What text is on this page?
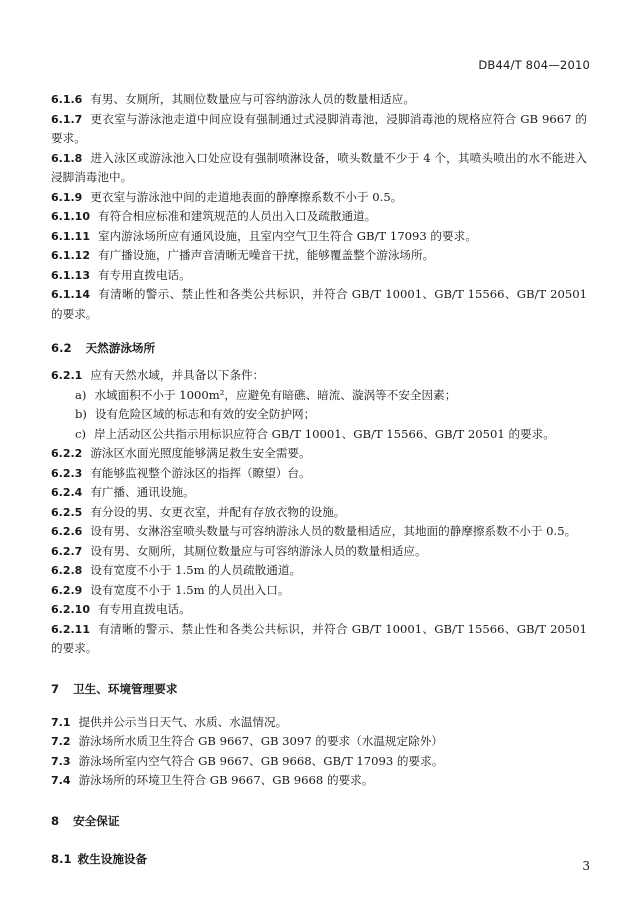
DB44/T 804—2010

6.1.6 有男、女厕所，其厕位数量应与可容纳游泳人员的数量相适应。

6.1.7 更衣室与游泳池走道中间应设有强制通过式浸脚消毒池，浸脚消毒池的规格应符合 GB 9667 的要求。

6.1.8 进入泳区或游泳池入口处应设有强制喷淋设备，喷头数量不少于 4 个，其喷头喷出的水不能进入浸脚消毒池中。

6.1.9 更衣室与游泳池中间的走道地表面的静摩擦系数不小于 0.5。

6.1.10 有符合相应标准和建筑规范的人员出入口及疏散通道。

6.1.11 室内游泳场所应有通风设施，且室内空气卫生符合 GB/T 17093 的要求。

6.1.12 有广播设施，广播声音清晰无噪音干扰，能够覆盖整个游泳场所。

6.1.13 有专用直拨电话。

6.1.14 有清晰的警示、禁止性和各类公共标识，并符合 GB/T 10001、GB/T 15566、GB/T 20501 的要求。

6.2 天然游泳场所

6.2.1 应有天然水域，并具备以下条件：

a) 水域面积不小于 1000m²，应避免有暗礁、暗流、漩涡等不安全因素；

b) 设有危险区域的标志和有效的安全防护网；

c) 岸上活动区公共指示用标识应符合 GB/T 10001、GB/T 15566、GB/T 20501 的要求。

6.2.2 游泳区水面光照度能够满足救生安全需要。

6.2.3 有能够监视整个游泳区的指挥（瞭望）台。

6.2.4 有广播、通讯设施。

6.2.5 有分设的男、女更衣室，并配有存放衣物的设施。

6.2.6 设有男、女淋浴室喷头数量与可容纳游泳人员的数量相适应，其地面的静摩擦系数不小于 0.5。

6.2.7 设有男、女厕所，其厕位数量应与可容纳游泳人员的数量相适应。

6.2.8 设有宽度不小于 1.5m 的人员疏散通道。

6.2.9 设有宽度不小于 1.5m 的人员出入口。

6.2.10 有专用直拨电话。

6.2.11 有清晰的警示、禁止性和各类公共标识，并符合 GB/T 10001、GB/T 15566、GB/T 20501 的要求。

7 卫生、环境管理要求

7.1 提供并公示当日天气、水质、水温情况。

7.2 游泳场所水质卫生符合 GB 9667、GB 3097 的要求（水温规定除外）

7.3 游泳场所室内空气符合 GB 9667、GB 9668、GB/T 17093 的要求。

7.4 游泳场所的环境卫生符合 GB 9667、GB 9668 的要求。

8 安全保证

8.1 救生设施设备

3
